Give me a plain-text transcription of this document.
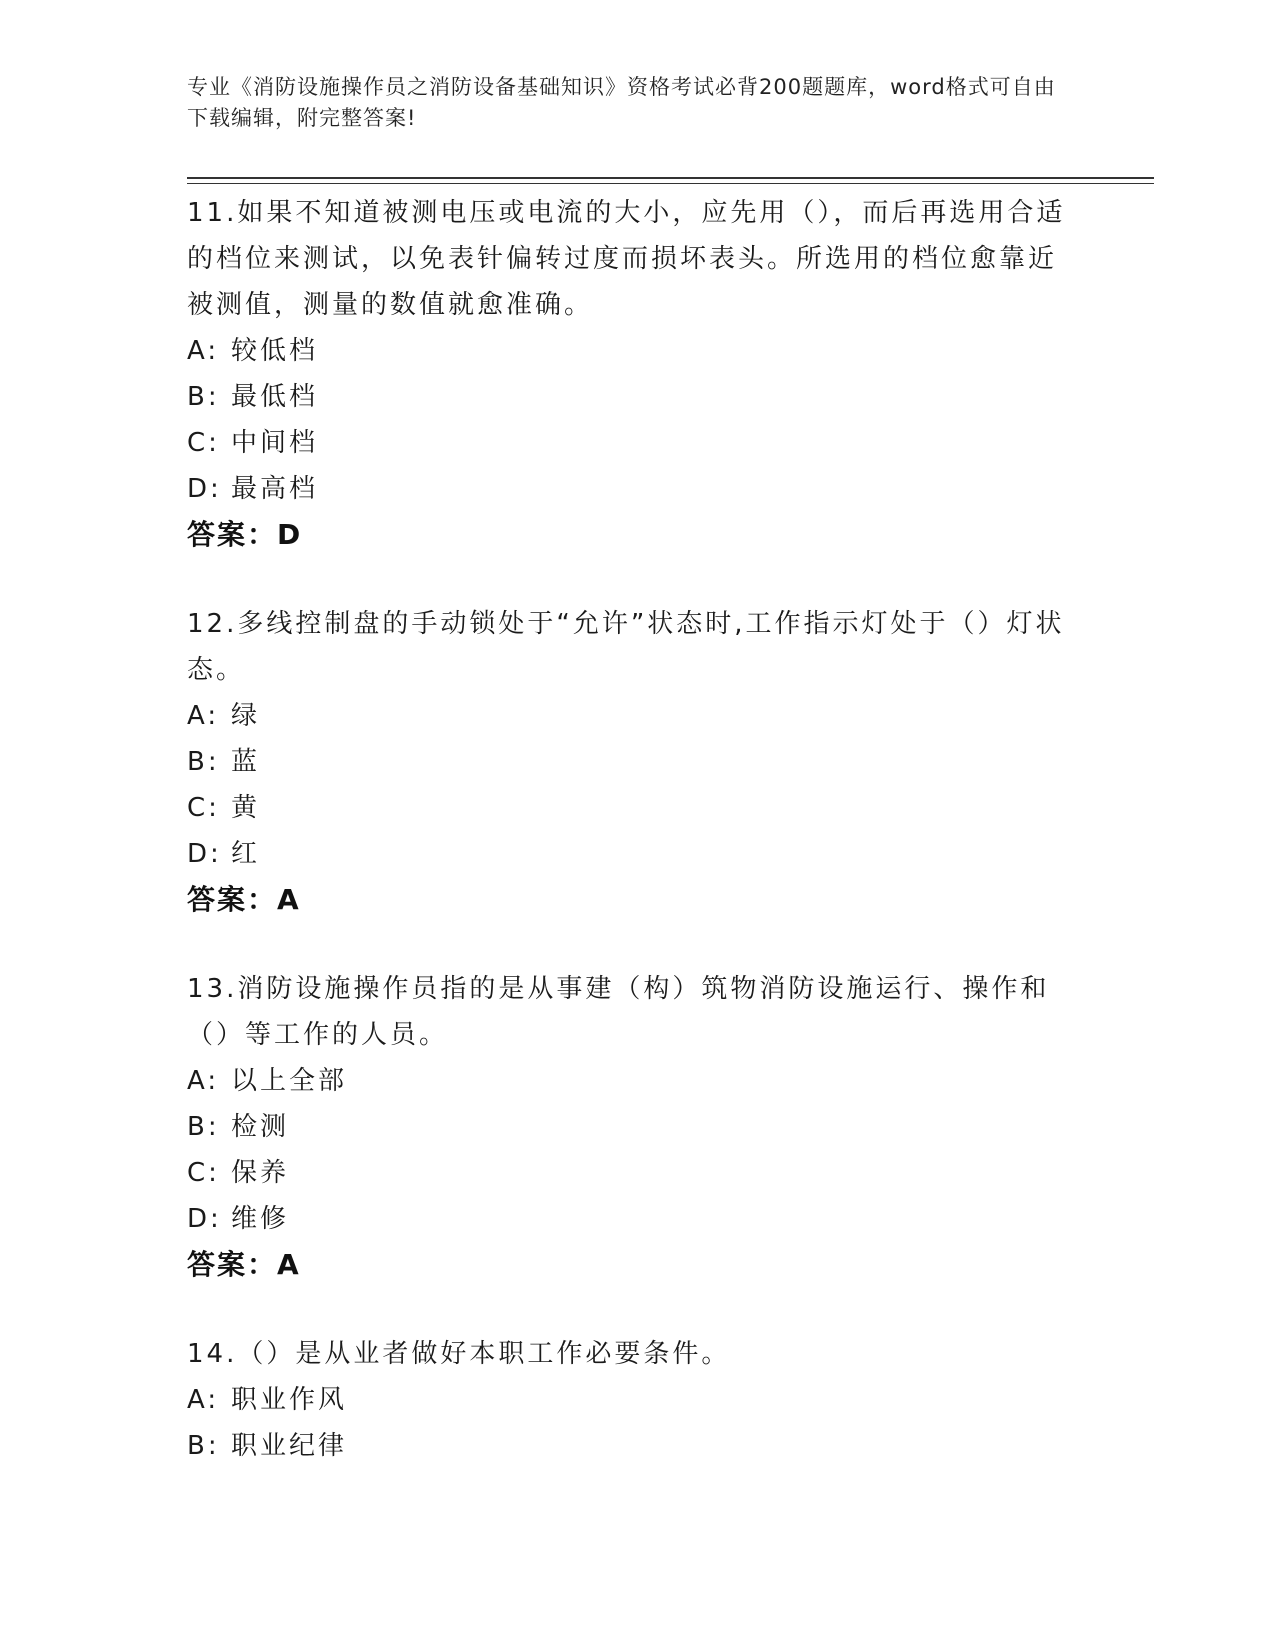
专业《消防设施操作员之消防设备基础知识》资格考试必背200题题库，word格式可自由下载编辑，附完整答案!

11.如果不知道被测电压或电流的大小，应先用（），而后再选用合适的档位来测试，以免表针偏转过度而损坏表头。所选用的档位愈靠近被测值，测量的数值就愈准确。

A: 较低档

B: 最低档

C: 中间档

D: 最高档

答案：D

12.多线控制盘的手动锁处于“允许”状态时,工作指示灯处于（）灯状态。

A: 绿

B: 蓝

C: 黄

D: 红

答案：A

13.消防设施操作员指的是从事建（构）筑物消防设施运行、操作和（）等工作的人员。

A: 以上全部

B: 检测

C: 保养

D: 维修

答案：A

14.（）是从业者做好本职工作必要条件。

A: 职业作风

B: 职业纪律
